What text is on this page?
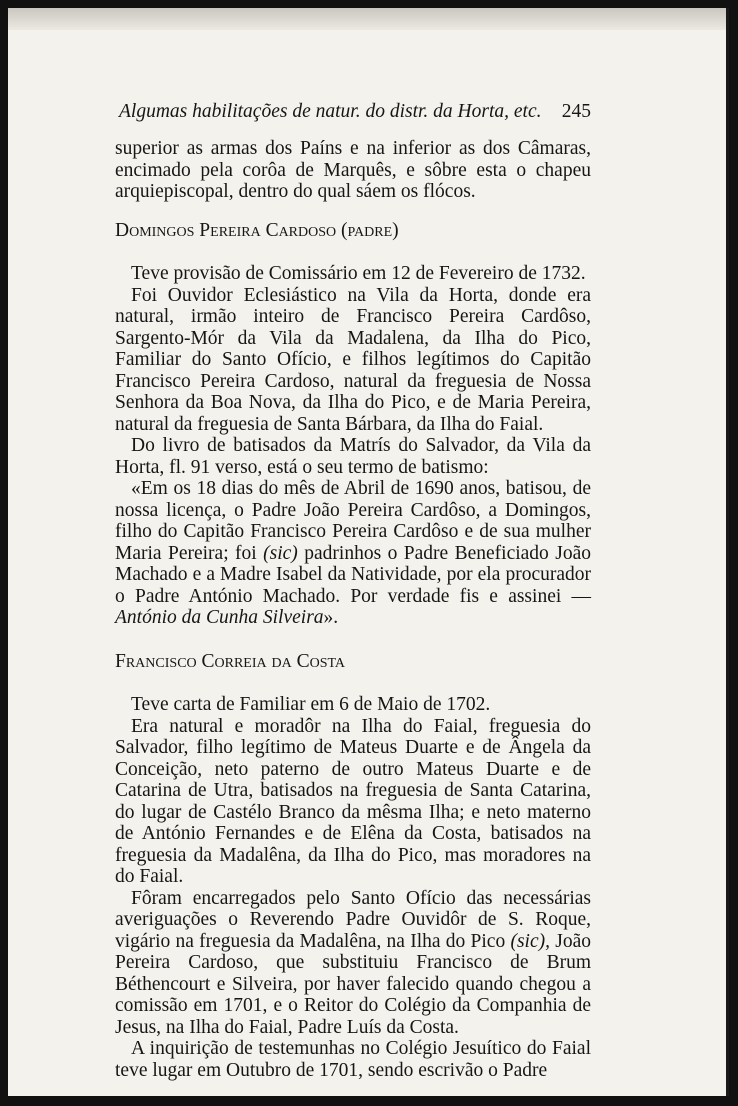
Algumas habilitações de natur. do distr. da Horta, etc. 245

superior as armas dos Paíns e na inferior as dos Câmaras, encimado pela corôa de Marquês, e sôbre esta o chapeu arquiepiscopal, dentro do qual sáem os flócos.

Domingos Pereira Cardoso (padre)

Teve provisão de Comissário em 12 de Fevereiro de 1732.

Foi Ouvidor Eclesiástico na Vila da Horta, donde era natural, irmão inteiro de Francisco Pereira Cardôso, Sargento-Mór da Vila da Madalena, da Ilha do Pico, Familiar do Santo Ofício, e filhos legítimos do Capitão Francisco Pereira Cardoso, natural da freguesia de Nossa Senhora da Boa Nova, da Ilha do Pico, e de Maria Pereira, natural da freguesia de Santa Bárbara, da Ilha do Faial.

Do livro de batisados da Matrís do Salvador, da Vila da Horta, fl. 91 verso, está o seu termo de batismo:

«Em os 18 dias do mês de Abril de 1690 anos, batisou, de nossa licença, o Padre João Pereira Cardôso, a Domingos, filho do Capitão Francisco Pereira Cardôso e de sua mulher Maria Pereira; foi (sic) padrinhos o Padre Beneficiado João Machado e a Madre Isabel da Natividade, por ela procurador o Padre António Machado. Por verdade fis e assinei — António da Cunha Silveira».

Francisco Correia da Costa

Teve carta de Familiar em 6 de Maio de 1702.

Era natural e moradôr na Ilha do Faial, freguesia do Salvador, filho legítimo de Mateus Duarte e de Ângela da Conceição, neto paterno de outro Mateus Duarte e de Catarina de Utra, batisados na freguesia de Santa Catarina, do lugar de Castélo Branco da mêsma Ilha; e neto materno de António Fernandes e de Elêna da Costa, batisados na freguesia da Madalêna, da Ilha do Pico, mas moradores na do Faial.

Fôram encarregados pelo Santo Ofício das necessárias averiguações o Reverendo Padre Ouvidôr de S. Roque, vigário na freguesia da Madalêna, na Ilha do Pico (sic), João Pereira Cardoso, que substituiu Francisco de Brum Béthencourt e Silveira, por haver falecido quando chegou a comissão em 1701, e o Reitor do Colégio da Companhia de Jesus, na Ilha do Faial, Padre Luís da Costa.

A inquirição de testemunhas no Colégio Jesuítico do Faial teve lugar em Outubro de 1701, sendo escrivão o Padre
